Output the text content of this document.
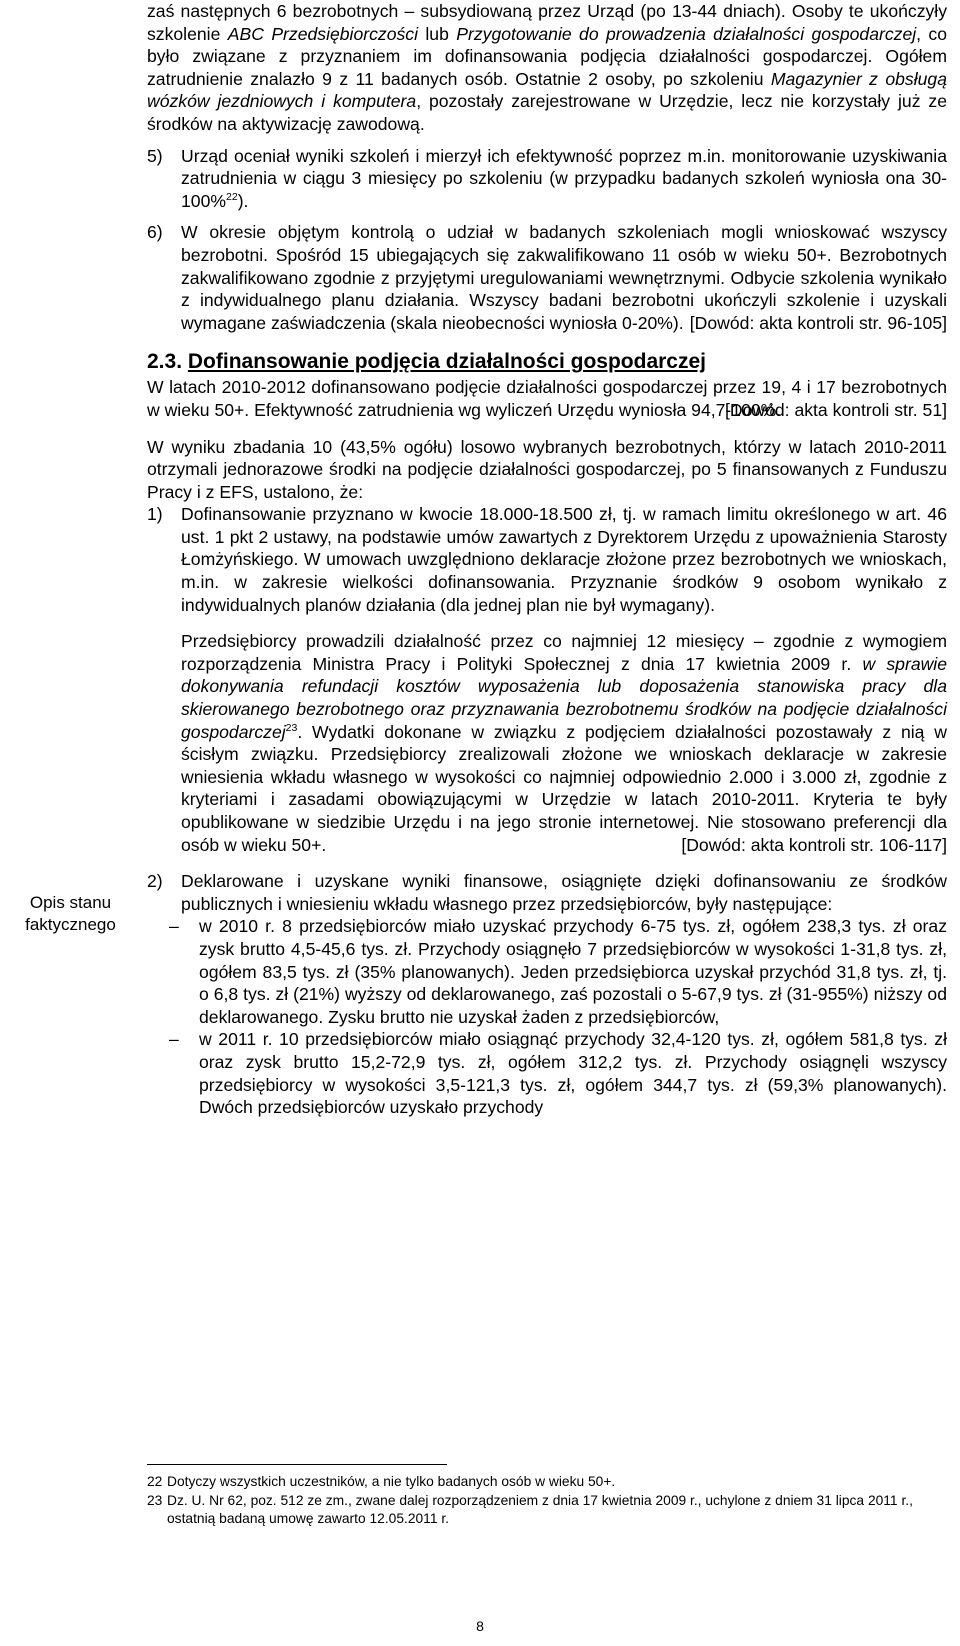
Opis stanu
faktycznego

zaś następnych 6 bezrobotnych – subsydiowaną przez Urząd (po 13-44 dniach). Osoby te ukończyły szkolenie ABC Przedsiębiorczości lub Przygotowanie do prowadzenia działalności gospodarczej, co było związane z przyznaniem im dofinansowania podjęcia działalności gospodarczej. Ogółem zatrudnienie znalazło 9 z 11 badanych osób. Ostatnie 2 osoby, po szkoleniu Magazynier z obsługą wózków jezdniowych i komputera, pozostały zarejestrowane w Urzędzie, lecz nie korzystały już ze środków na aktywizację zawodową.

5)	Urząd oceniał wyniki szkoleń i mierzył ich efektywność poprzez m.in. monitorowanie uzyskiwania zatrudnienia w ciągu 3 miesięcy po szkoleniu (w przypadku badanych szkoleń wyniosła ona 30-100%$^{22}$).

6)	W okresie objętym kontrolą o udział w badanych szkoleniach mogli wnioskować wszyscy bezrobotni. Spośród 15 ubiegających się zakwalifikowano 11 osób w wieku 50+. Bezrobotnych zakwalifikowano zgodnie z przyjętymi uregulowaniami wewnętrznymi. Odbycie szkolenia wynikało z indywidualnego planu działania. Wszyscy badani bezrobotni ukończyli szkolenie i uzyskali wymagane zaświadczenia (skala nieobecności wyniosła 0-20%). [Dowód: akta kontroli str. 96-105]

2.3. Dofinansowanie podjęcia działalności gospodarczej

W latach 2010-2012 dofinansowano podjęcie działalności gospodarczej przez 19, 4 i 17 bezrobotnych w wieku 50+. Efektywność zatrudnienia wg wyliczeń Urzędu wyniosła 94,7-100%.

[Dowód: akta kontroli str. 51]

W wyniku zbadania 10 (43,5% ogółu) losowo wybranych bezrobotnych, którzy w latach 2010-2011 otrzymali jednorazowe środki na podjęcie działalności gospodarczej, po 5 finansowanych z Funduszu Pracy i z EFS, ustalono, że:

1)	Dofinansowanie przyznano w kwocie 18.000-18.500 zł, tj. w ramach limitu określonego w art. 46 ust. 1 pkt 2 ustawy, na podstawie umów zawartych z Dyrektorem Urzędu z upoważnienia Starosty Łomżyńskiego. W umowach uwzględniono deklaracje złożone przez bezrobotnych we wnioskach, m.in. w zakresie wielkości dofinansowania. Przyznanie środków 9 osobom wynikało z indywidualnych planów działania (dla jednej plan nie był wymagany).

Przedsiębiorcy prowadzili działalność przez co najmniej 12 miesięcy – zgodnie z wymogiem rozporządzenia Ministra Pracy i Polityki Społecznej z dnia 17 kwietnia 2009 r. w sprawie dokonywania refundacji kosztów wyposażenia lub doposażenia stanowiska pracy dla skierowanego bezrobotnego oraz przyznawania bezrobotnemu środków na podjęcie działalności gospodarczej$^{23}$. Wydatki dokonane w związku z podjęciem działalności pozostawały z nią w ścisłym związku. Przedsiębiorcy zrealizowali złożone we wnioskach deklaracje w zakresie wniesienia wkładu własnego w wysokości co najmniej odpowiednio 2.000 i 3.000 zł, zgodnie z kryteriami i zasadami obowiązującymi w Urzędzie w latach 2010-2011. Kryteria te były opublikowane w siedzibie Urzędu i na jego stronie internetowej. Nie stosowano preferencji dla osób w wieku 50+.	[Dowód: akta kontroli str. 106-117]
2)	Deklarowane i uzyskane wyniki finansowe, osiągnięte dzięki dofinansowaniu ze środków publicznych i wniesieniu wkładu własnego przez przedsiębiorców, były następujące:

–	w 2010 r. 8 przedsiębiorców miało uzyskać przychody 6-75 tys. zł, ogółem 238,3 tys. zł oraz zysk brutto 4,5-45,6 tys. zł. Przychody osiągnęło 7 przedsiębiorców w wysokości 1-31,8 tys. zł, ogółem 83,5 tys. zł (35% planowanych). Jeden przedsiębiorca uzyskał przychód 31,8 tys. zł, tj. o 6,8 tys. zł (21%) wyższy od deklarowanego, zaś pozostali o 5-67,9 tys. zł (31-955%) niższy od deklarowanego. Zysku brutto nie uzyskał żaden z przedsiębiorców,

–	w 2011 r. 10 przedsiębiorców miało osiągnąć przychody 32,4-120 tys. zł, ogółem 581,8 tys. zł oraz zysk brutto 15,2-72,9 tys. zł, ogółem 312,2 tys. zł. Przychody osiągnęli wszyscy przedsiębiorcy w wysokości 3,5-121,3 tys. zł, ogółem 344,7 tys. zł (59,3% planowanych). Dwóch przedsiębiorców uzyskało przychody

22 Dotyczy wszystkich uczestników, a nie tylko badanych osób w wieku 50+.
23 Dz. U. Nr 62, poz. 512 ze zm., zwane dalej rozporządzeniem z dnia 17 kwietnia 2009 r., uchylone z dniem 31 lipca 2011 r., ostatnią badaną umowę zawarto 12.05.2011 r.
8
